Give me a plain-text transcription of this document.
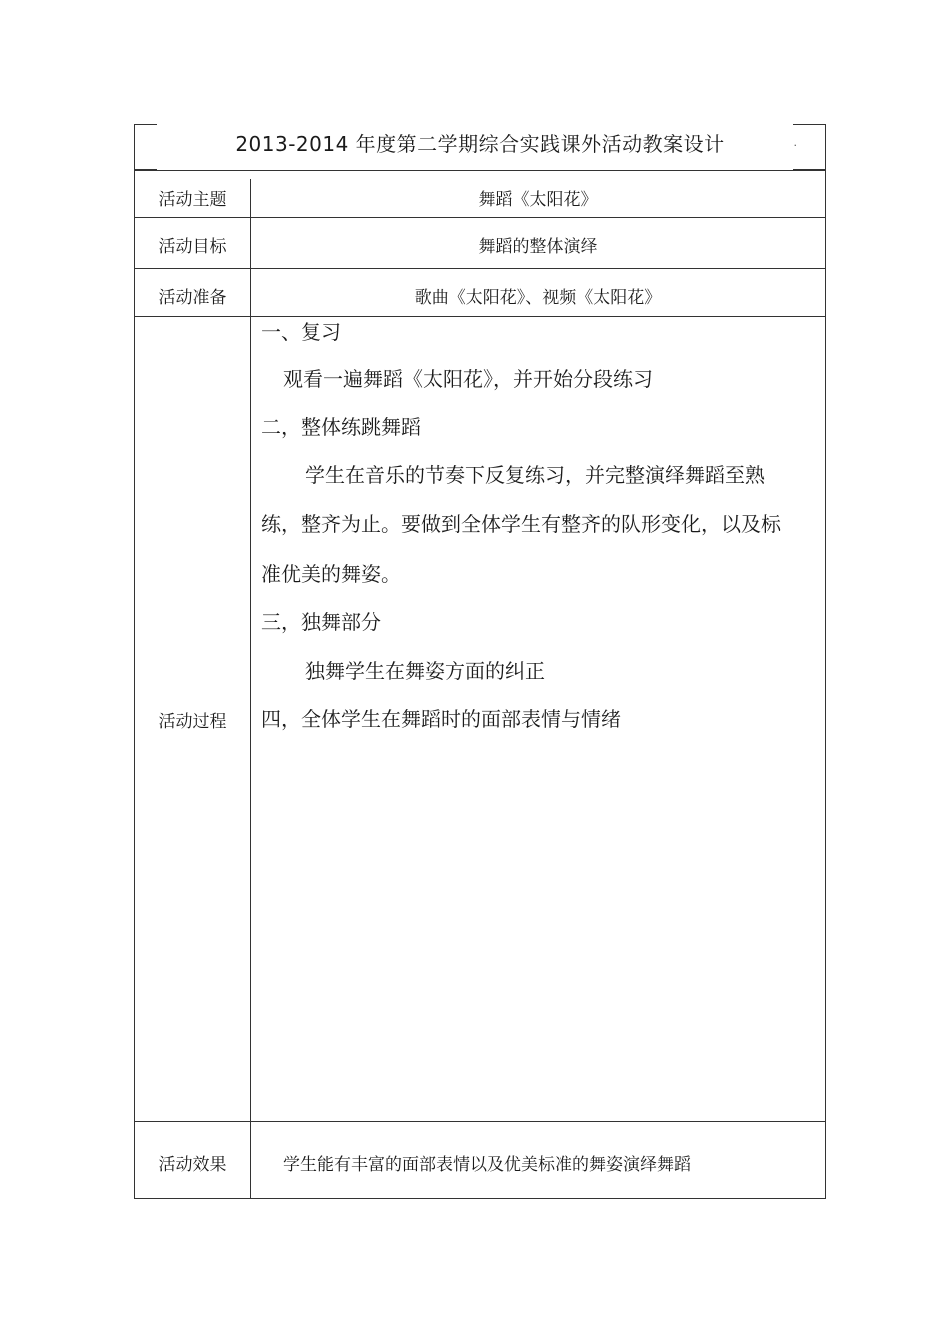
2013-2014 年度第二学期综合实践课外活动教案设计	.
活动主题	舞蹈《太阳花》
活动目标	舞蹈的整体演绎
活动准备	歌曲《太阳花》、视频《太阳花》
活动过程
一、复习
观看一遍舞蹈《太阳花》，并开始分段练习
二，整体练跳舞蹈
学生在音乐的节奏下反复练习，并完整演绎舞蹈至熟
练，整齐为止。要做到全体学生有整齐的队形变化，以及标
准优美的舞姿。
三，独舞部分
独舞学生在舞姿方面的纠正
四，全体学生在舞蹈时的面部表情与情绪
活动效果	学生能有丰富的面部表情以及优美标准的舞姿演绎舞蹈
